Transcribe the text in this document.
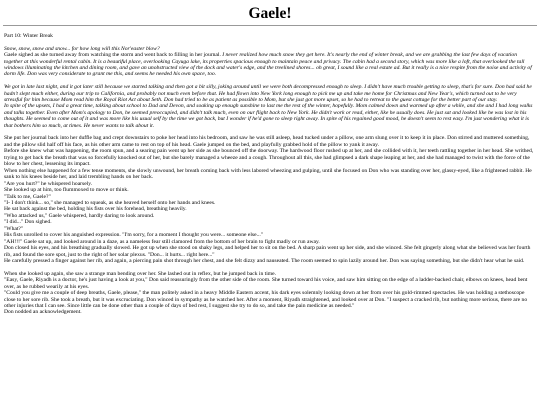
Gaele!
Part 10: Winter Break

Snow, snow, snow and snow... for how long will this Nor'easter blow?

Gaele sighed as she turned away from watching the storm and went back to filling in her journal. I never realized how much snow they get here. It's nearly the end of winter break, and we are grabbing the last few days of vacation together at this wonderful rental cabin. It is a beautiful place, overlooking Cayuga lake, its properties spacious enough to maintain peace and privacy. The cabin had a second story, which was more like a loft, that overlooked the tall windows illuminating the kitchen and dining room, and gave an unobstructed view of the dock and water's edge, and the treelined shores... oh great, I sound like a real estate ad. But it really is a nice respite from the noise and activity of dorm life. Don was very considerate to grant me this, and seems he needed his own space, too.

We got in late last night, and it got later still because we started talking and then got a bit silly, joking around until we were both decompressed enough to sleep. I didn't have much trouble getting to sleep, that's for sure. Don had said he hadn't slept much either, during our trip to California, and probably not much even before that. He had flown into New York long enough to pick me up and take me home for Christmas and New Year's, which turned out to be very stressful for him because Mom read him the Royal Riot Act about Seth. Don had tried to be as patient as possible to Mom, but she just got more upset, so he had to retreat to the guest cottage for the better part of our stay.

In spite of the upsets, I had a great time, talking about school to Dad and Devon, and soaking up enough sunshine to last me the rest of the winter, hopefully. Mom calmed down and warmed up after a while, and she and I had long walks and talks together. Even after Mom's apology to Don, he seemed preoccupied, and didn't talk much, even on our flight back to New York. He didn't work or read, either, like he usually does. He just sat and looked like he was lost in his thoughts. He seemed to come out of it and was more like his usual self by the time we got back, but I wonder if he'd gone to sleep right away. In spite of his regained good mood, he doesn't seem to rest easy. I'm just wondering what it is that bothers him so much, at times. He never wants to talk about it.

She put her journal back into her duffle bag and crept downstairs to poke her head into his bedroom, and saw he was still asleep, head tucked under a pillow, one arm slung over it to keep it in place. Don stirred and muttered something, and the pillow slid half off his face, as his other arm came to rest on top of his head. Gaele jumped on the bed, and playfully grabbed hold of the pillow to yank it away.

Before she knew what was happening, the room spun, and a searing pain went up her side as she bounced off the doorway. The hardwood floor rushed up at her, and she collided with it, her teeth rattling together in her head. She writhed, trying to get back the breath that was so forcefully knocked out of her, but she barely managed a wheeze and a cough. Throughout all this, she had glimpsed a dark shape leaping at her, and she had managed to twist with the force of the blow to her chest, lessening its impact.

When nothing else happened for a few tense moments, she slowly unwound, her breath coming back with less labored wheezing and gulping, until she focused on Don who was standing over her, glassy-eyed, like a frightened rabbit. He sank to his knees beside her, and laid trembling hands on her back.

"Are you hurt?" he whispered hoarsely.

She looked up at him, too flummoxed to move or think.

"Talk to me, Gaele?"

"I- I don't think... so," she managed to squeak, as she heaved herself onto her hands and knees.

He sat back against the bed, holding his fists over his forehead, breathing heavily.

"Who attacked us," Gaele whispered, hardly daring to look around.

"I did..." Don sighed.

"What?"

His fists unrolled to cover his anguished expression. "I'm sorry, for a moment I thought you were... someone else..."

"AH!!!" Gaele sat up, and looked around in a daze, as a nameless fear still clamored from the bottom of her brain to fight madly or run away.

Don closed his eyes, and his breathing gradually slowed. He got up when she stood on shaky legs, and helped her to sit on the bed. A sharp pain went up her side, and she winced. She felt gingerly along what she believed was her fourth rib, and found the sore spot, just to the right of her solar plexus. "Don... it hurts... right here..."

He carefully pressed a finger against her rib, and again, a piercing pain shot through her chest, and she felt dizzy and nauseated. The room seemed to spin lazily around her. Don was saying something, but she didn't hear what he said.

When she looked up again, she saw a strange man bending over her. She lashed out in reflex, but he jumped back in time.

"Easy, Gaele, Riyadh is a doctor, he's just having a look at you," Don said reassuringly from the other side of the room. She turned toward his voice, and saw him sitting on the edge of a ladder-backed chair, elbows on knees, head bent over, as he rubbed wearily at his eyes.

"Could you give me a couple of deep breaths, Gaele, please," the man politely asked in a heavy Middle Eastern accent, his dark eyes solemnly looking down at her from over his gold-rimmed spectacles. He was holding a stethoscope close to her sore rib. She took a breath, but it was excruciating. Don winced in sympathy as he watched her. After a moment, Riyadh straightened, and looked over at Don. "I suspect a cracked rib, but nothing more serious, there are no other injuries that I can see. Since little can be done other than a couple of days of bed rest, I suggest she try to do so, and take the pain medicine as needed."

Don nodded an acknowledgement.
